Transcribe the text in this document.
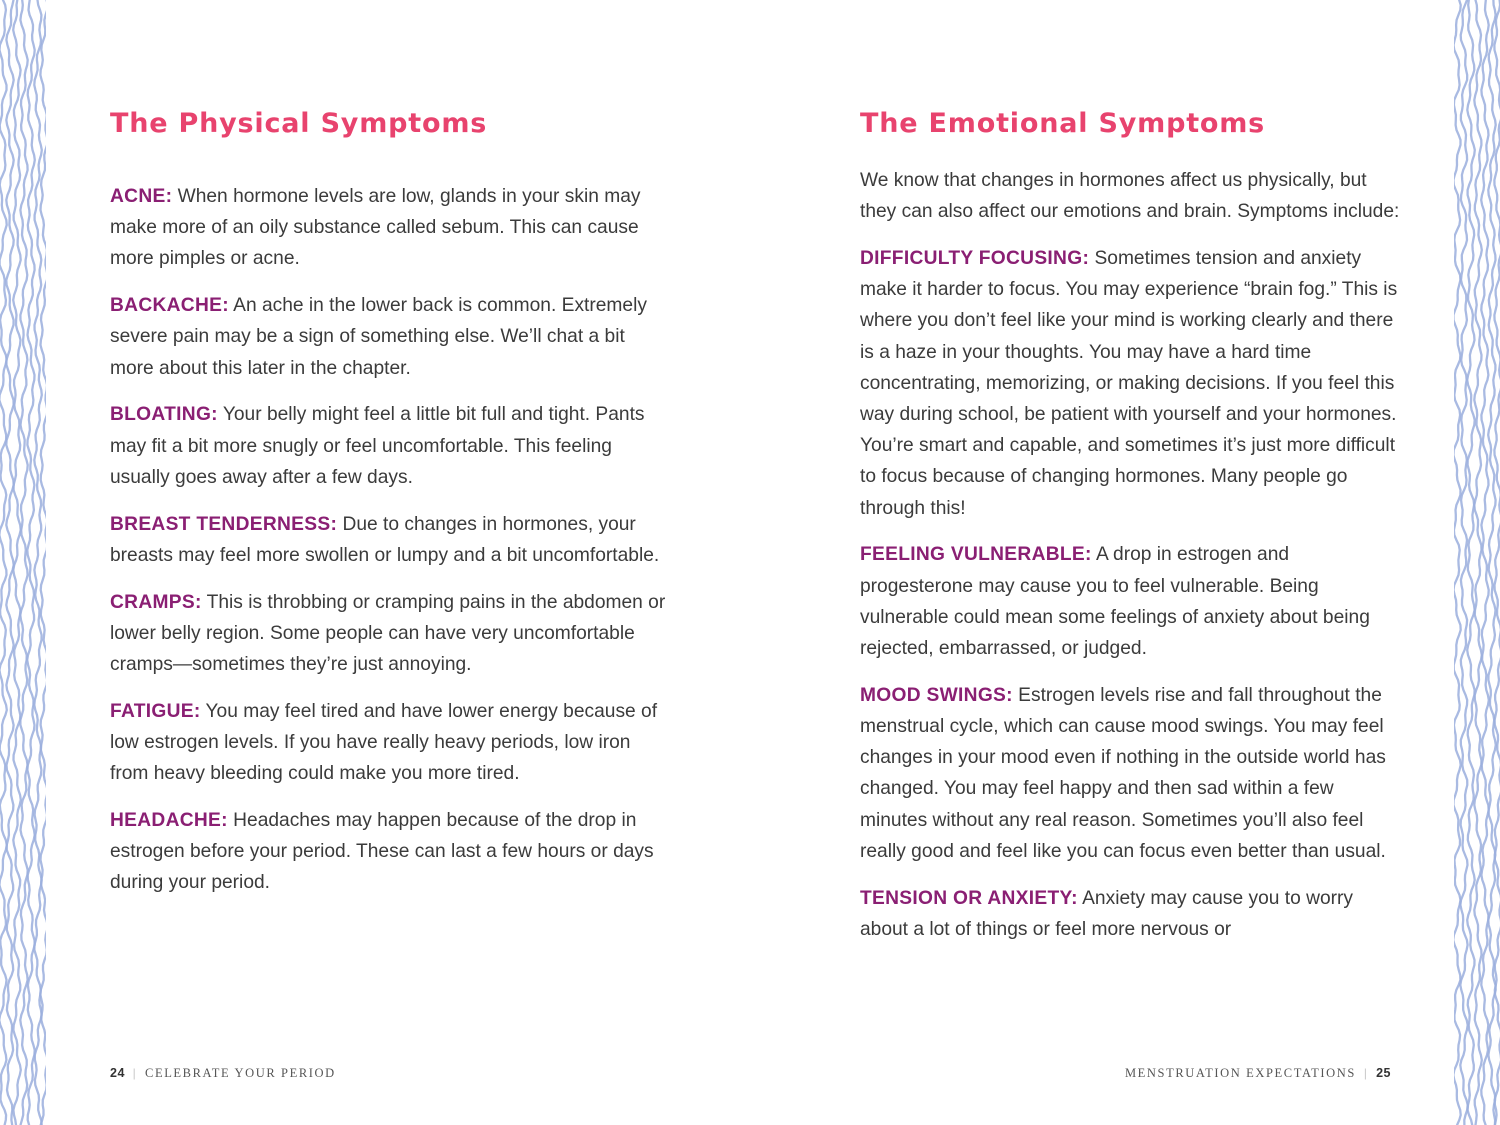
The Physical Symptoms

ACNE: When hormone levels are low, glands in your skin may make more of an oily substance called sebum. This can cause more pimples or acne.

BACKACHE: An ache in the lower back is common. Extremely severe pain may be a sign of something else. We’ll chat a bit more about this later in the chapter.

BLOATING: Your belly might feel a little bit full and tight. Pants may fit a bit more snugly or feel uncomfortable. This feeling usually goes away after a few days.

BREAST TENDERNESS: Due to changes in hormones, your breasts may feel more swollen or lumpy and a bit uncomfortable.

CRAMPS: This is throbbing or cramping pains in the abdomen or lower belly region. Some people can have very uncomfortable cramps—sometimes they’re just annoying.

FATIGUE: You may feel tired and have lower energy because of low estrogen levels. If you have really heavy periods, low iron from heavy bleeding could make you more tired.

HEADACHE: Headaches may happen because of the drop in estrogen before your period. These can last a few hours or days during your period.

24 | CELEBRATE YOUR PERIOD
The Emotional Symptoms

We know that changes in hormones affect us physically, but they can also affect our emotions and brain. Symptoms include:

DIFFICULTY FOCUSING: Sometimes tension and anxiety make it harder to focus. You may experience “brain fog.” This is where you don’t feel like your mind is working clearly and there is a haze in your thoughts. You may have a hard time concentrating, memorizing, or making decisions. If you feel this way during school, be patient with yourself and your hormones. You’re smart and capable, and sometimes it’s just more difficult to focus because of changing hormones. Many people go through this!

FEELING VULNERABLE: A drop in estrogen and progesterone may cause you to feel vulnerable. Being vulnerable could mean some feelings of anxiety about being rejected, embarrassed, or judged.

MOOD SWINGS: Estrogen levels rise and fall throughout the menstrual cycle, which can cause mood swings. You may feel changes in your mood even if nothing in the outside world has changed. You may feel happy and then sad within a few minutes without any real reason. Sometimes you’ll also feel really good and feel like you can focus even better than usual.

TENSION OR ANXIETY: Anxiety may cause you to worry about a lot of things or feel more nervous or

MENSTRUATION EXPECTATIONS | 25
